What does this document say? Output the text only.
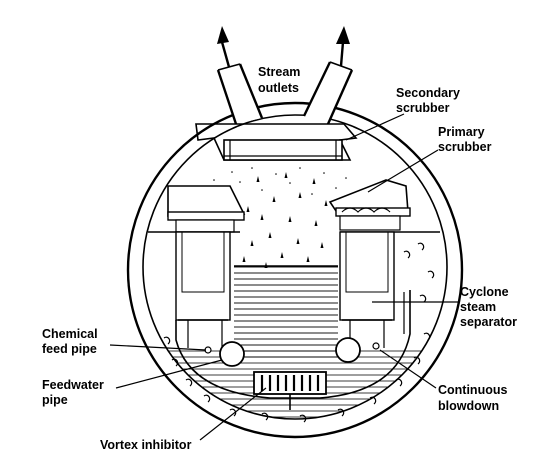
Stream
outlets	Secondary
scrubber
Primary
scrubber
Cyclone
steam
separator
Chemical
feed pipe
Feedwater
pipe
Continuous
blowdown
Vortex inhibitor
